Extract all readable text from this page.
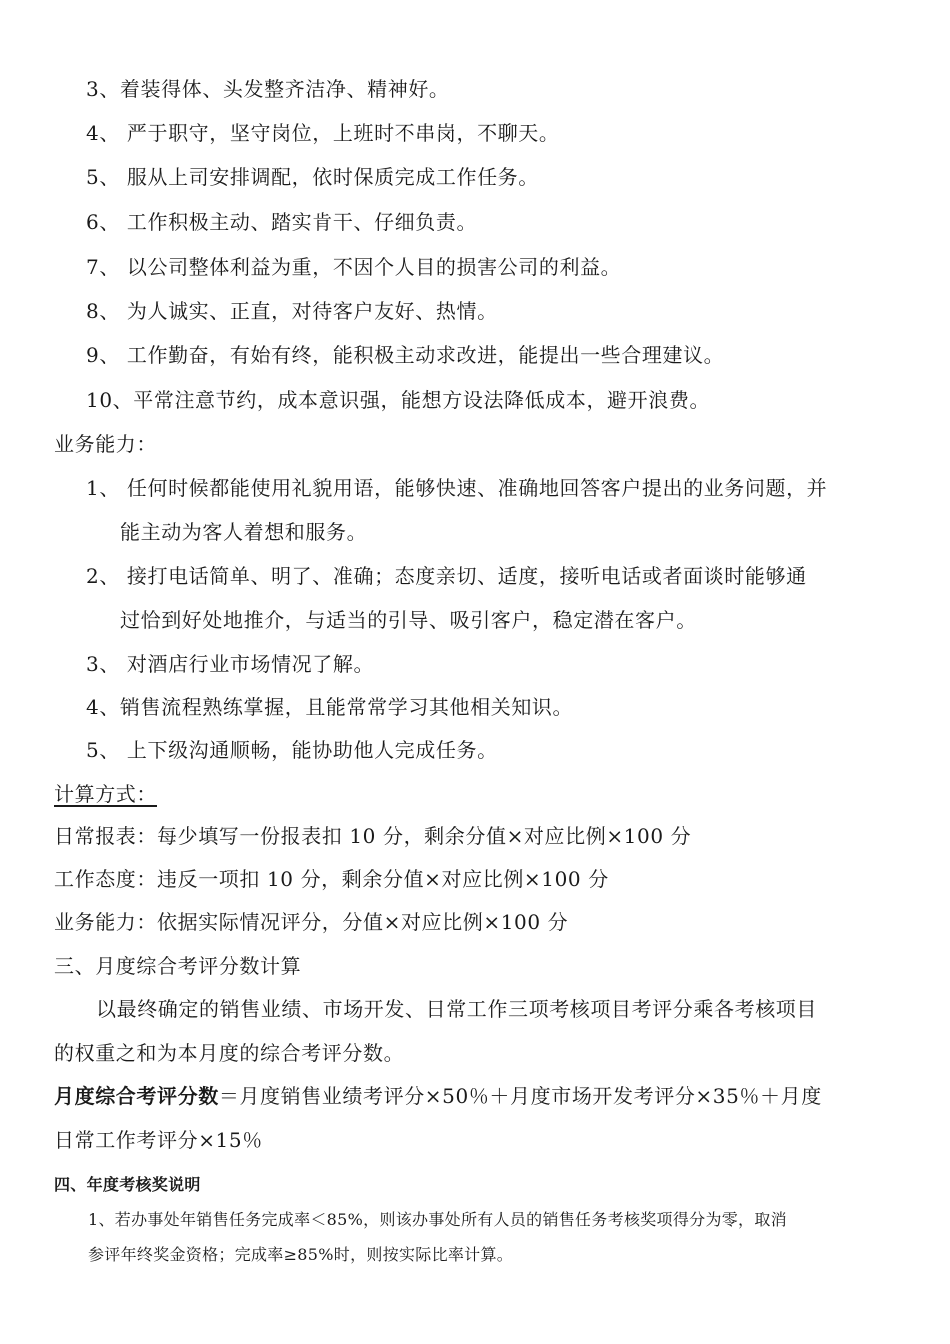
3、着装得体、头发整齐洁净、精神好。
4、 严于职守，坚守岗位，上班时不串岗，不聊天。
5、 服从上司安排调配，依时保质完成工作任务。
6、 工作积极主动、踏实肯干、仔细负责。
7、 以公司整体利益为重，不因个人目的损害公司的利益。
8、 为人诚实、正直，对待客户友好、热情。
9、 工作勤奋，有始有终，能积极主动求改进，能提出一些合理建议。
10、平常注意节约，成本意识强，能想方设法降低成本，避开浪费。
业务能力：
1、 任何时候都能使用礼貌用语，能够快速、准确地回答客户提出的业务问题，并
能主动为客人着想和服务。
2、 接打电话简单、明了、准确；态度亲切、适度，接听电话或者面谈时能够通
过恰到好处地推介，与适当的引导、吸引客户，稳定潜在客户。
3、 对酒店行业市场情况了解。
4、销售流程熟练掌握，且能常常学习其他相关知识。
5、 上下级沟通顺畅，能协助他人完成任务。
计算方式：
日常报表：每少填写一份报表扣 10 分，剩余分值×对应比例×100 分
工作态度：违反一项扣 10 分，剩余分值×对应比例×100 分
业务能力：依据实际情况评分，分值×对应比例×100 分
三、月度综合考评分数计算
以最终确定的销售业绩、市场开发、日常工作三项考核项目考评分乘各考核项目
的权重之和为本月度的综合考评分数。
月度综合考评分数＝月度销售业绩考评分×50％＋月度市场开发考评分×35％＋月度
日常工作考评分×15％
四、年度考核奖说明
1、若办事处年销售任务完成率＜85%，则该办事处所有人员的销售任务考核奖项得分为零，取消
参评年终奖金资格；完成率≥85%时，则按实际比率计算。
